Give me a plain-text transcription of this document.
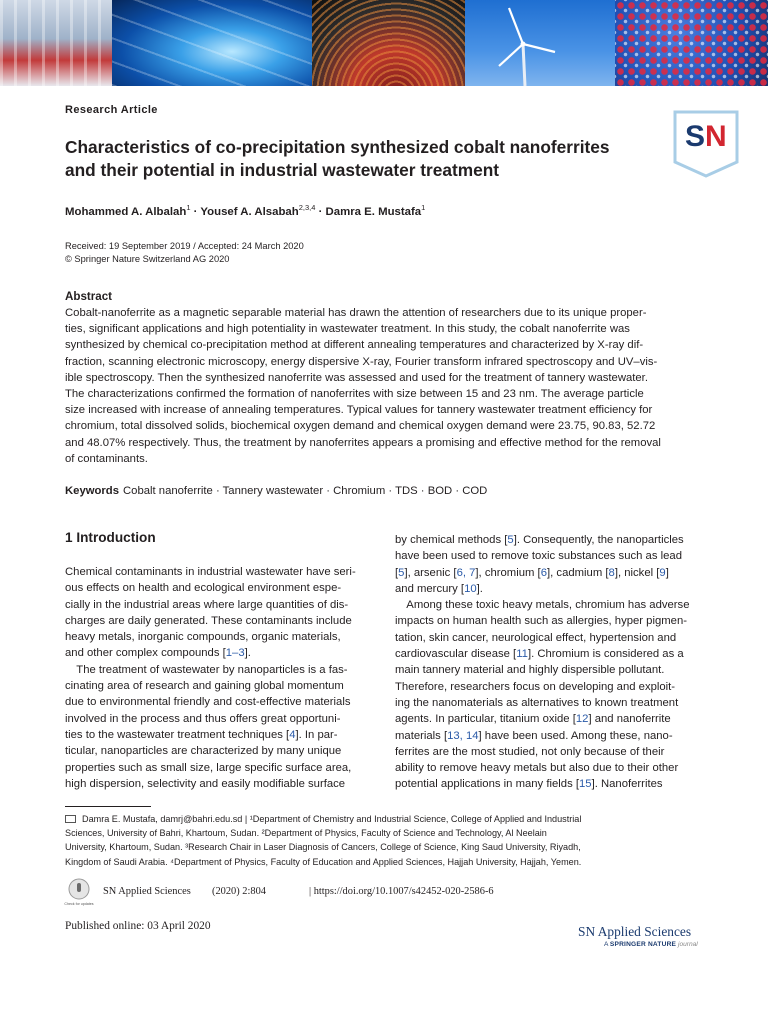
Research Article
Characteristics of co-precipitation synthesized cobalt nanoferrites
and their potential in industrial wastewater treatment
S N
Mohammed A. Albalah$^1$ · Yousef A. Alsabah$^{2,3,4}$ · Damra E. Mustafa$^1$
Received: 19 September 2019 / Accepted: 24 March 2020
© Springer Nature Switzerland AG 2020
Abstract
Cobalt-nanoferrite as a magnetic separable material has drawn the attention of researchers due to its unique proper-
ties, significant applications and high potentiality in wastewater treatment. In this study, the cobalt nanoferrite was
synthesized by chemical co-precipitation method at different annealing temperatures and characterized by X-ray dif-
fraction, scanning electronic microscopy, energy dispersive X-ray, Fourier transform infrared spectroscopy and UV–vis-
ible spectroscopy. Then the synthesized nanoferrite was assessed and used for the treatment of tannery wastewater.
The characterizations confirmed the formation of nanoferrites with size between 15 and 23 nm. The average particle
size increased with increase of annealing temperatures. Typical values for tannery wastewater treatment efficiency for
chromium, total dissolved solids, biochemical oxygen demand and chemical oxygen demand were 23.75, 90.83, 52.72
and 48.07% respectively. Thus, the treatment by nanoferrites appears a promising and effective method for the removal
of contaminants.
Keywords Cobalt nanoferrite · Tannery wastewater · Chromium · TDS · BOD · COD
1 Introduction
Chemical contaminants in industrial wastewater have seri-
ous effects on health and ecological environment espe-
cially in the industrial areas where large quantities of dis-
charges are daily generated. These contaminants include
heavy metals, inorganic compounds, organic materials,
and other complex compounds [1–3].
 The treatment of wastewater by nanoparticles is a fas-
cinating area of research and gaining global momentum
due to environmental friendly and cost-effective materials
involved in the process and thus offers great opportuni-
ties to the wastewater treatment techniques [4]. In par-
ticular, nanoparticles are characterized by many unique
properties such as small size, large specific surface area,
high dispersion, selectivity and easily modifiable surface
by chemical methods [5]. Consequently, the nanoparticles
have been used to remove toxic substances such as lead
[5], arsenic [6, 7], chromium [6], cadmium [8], nickel [9]
and mercury [10].
 Among these toxic heavy metals, chromium has adverse
impacts on human health such as allergies, hyper pigmen-
tation, skin cancer, neurological effect, hypertension and
cardiovascular disease [11]. Chromium is considered as a
main tannery material and highly dispersible pollutant.
Therefore, researchers focus on developing and exploit-
ing the nanomaterials as alternatives to known treatment
agents. In particular, titanium oxide [12] and nanoferrite
materials [13, 14] have been used. Among these, nano-
ferrites are the most studied, not only because of their
ability to remove heavy metals but also due to their other
potential applications in many fields [15]. Nanoferrites
Damra E. Mustafa, damrj@bahri.edu.sd | ¹Department of Chemistry and Industrial Science, College of Applied and Industrial
Sciences, University of Bahri, Khartoum, Sudan. ²Department of Physics, Faculty of Science and Technology, Al Neelain
University, Khartoum, Sudan. ³Research Chair in Laser Diagnosis of Cancers, College of Science, King Saud University, Riyadh,
Kingdom of Saudi Arabia. ⁴Department of Physics, Faculty of Education and Applied Sciences, Hajjah University, Hajjah, Yemen.
Check for updates
SN Applied Sciences (2020) 2:804	| https://doi.org/10.1007/s42452-020-2586-6
Published online: 03 April 2020	SN Applied Sciences
A SPRINGER NATURE journal
